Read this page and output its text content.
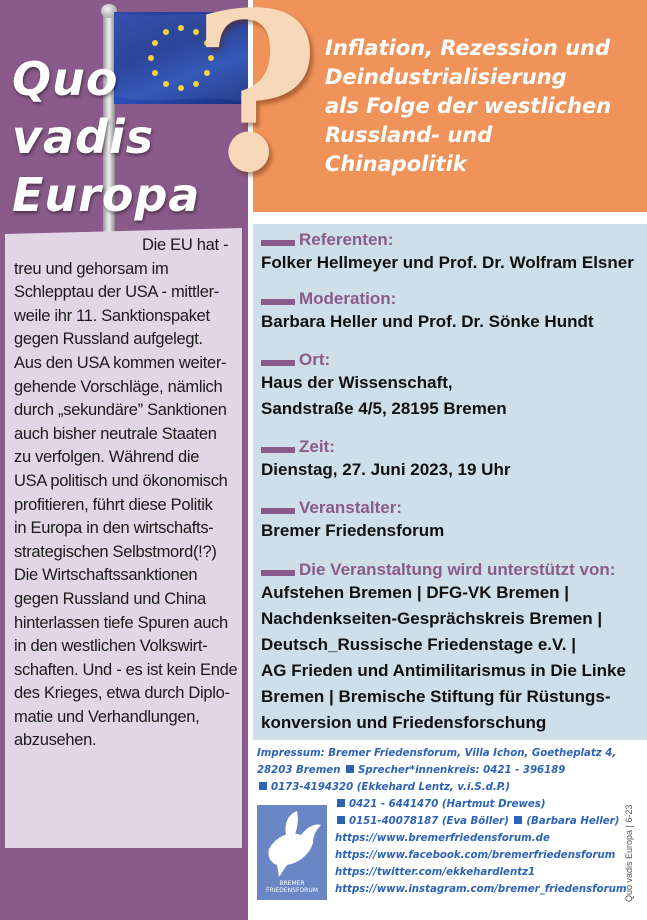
Quo
vadis
Europa
Die EU hat -
treu und gehorsam im
Schlepptau der USA - mittler-
weile ihr 11. Sanktionspaket
gegen Russland aufgelegt.
Aus den USA kommen weiter-
gehende Vorschläge, nämlich
durch „sekundäre” Sanktionen
auch bisher neutrale Staaten
zu verfolgen. Während die
USA politisch und ökonomisch
profitieren, führt diese Politik
in Europa in den wirtschafts-
strategischen Selbstmord(!?)
Die Wirtschaftssanktionen
gegen Russland und China
hinterlassen tiefe Spuren auch
in den westlichen Volkswirt-
schaften. Und - es ist kein Ende
des Krieges, etwa durch Diplo-
matie und Verhandlungen,
abzusehen.
? Inflation, Rezession und
Deindustrialisierung
als Folge der westlichen
Russland- und
Chinapolitik
Referenten:
Folker Hellmeyer und Prof. Dr. Wolfram Elsner
Moderation:
Barbara Heller und Prof. Dr. Sönke Hundt
Ort:
Haus der Wissenschaft,
Sandstraße 4/5, 28195 Bremen
Zeit:
Dienstag, 27. Juni 2023, 19 Uhr
Veranstalter:
Bremer Friedensforum
Die Veranstaltung wird unterstützt von:
Aufstehen Bremen | DFG-VK Bremen |
Nachdenkseiten-Gesprächskreis Bremen |
Deutsch_Russische Friedenstage e.V. |
AG Frieden und Antimilitarismus in Die Linke
Bremen | Bremische Stiftung für Rüstungs-
konversion und Friedensforschung
Impressum: Bremer Friedensforum, Villa Ichon, Goetheplatz 4,
28203 Bremen Sprecher*innenkreis: 0421 - 396189
0173-4194320 (Ekkehard Lentz, v.i.S.d.P.)
0421 - 6441470 (Hartmut Drewes)
0151-40078187 (Eva Böller) (Barbara Heller)
https://www.bremerfriedensforum.de
https://www.facebook.com/bremerfriedensforum
https://twitter.com/ekkehardlentz1
https://www.instagram.com/bremer_friedensforum
BREMER
FRIEDENSFORUM	Quo vadis Europa | 6-23
